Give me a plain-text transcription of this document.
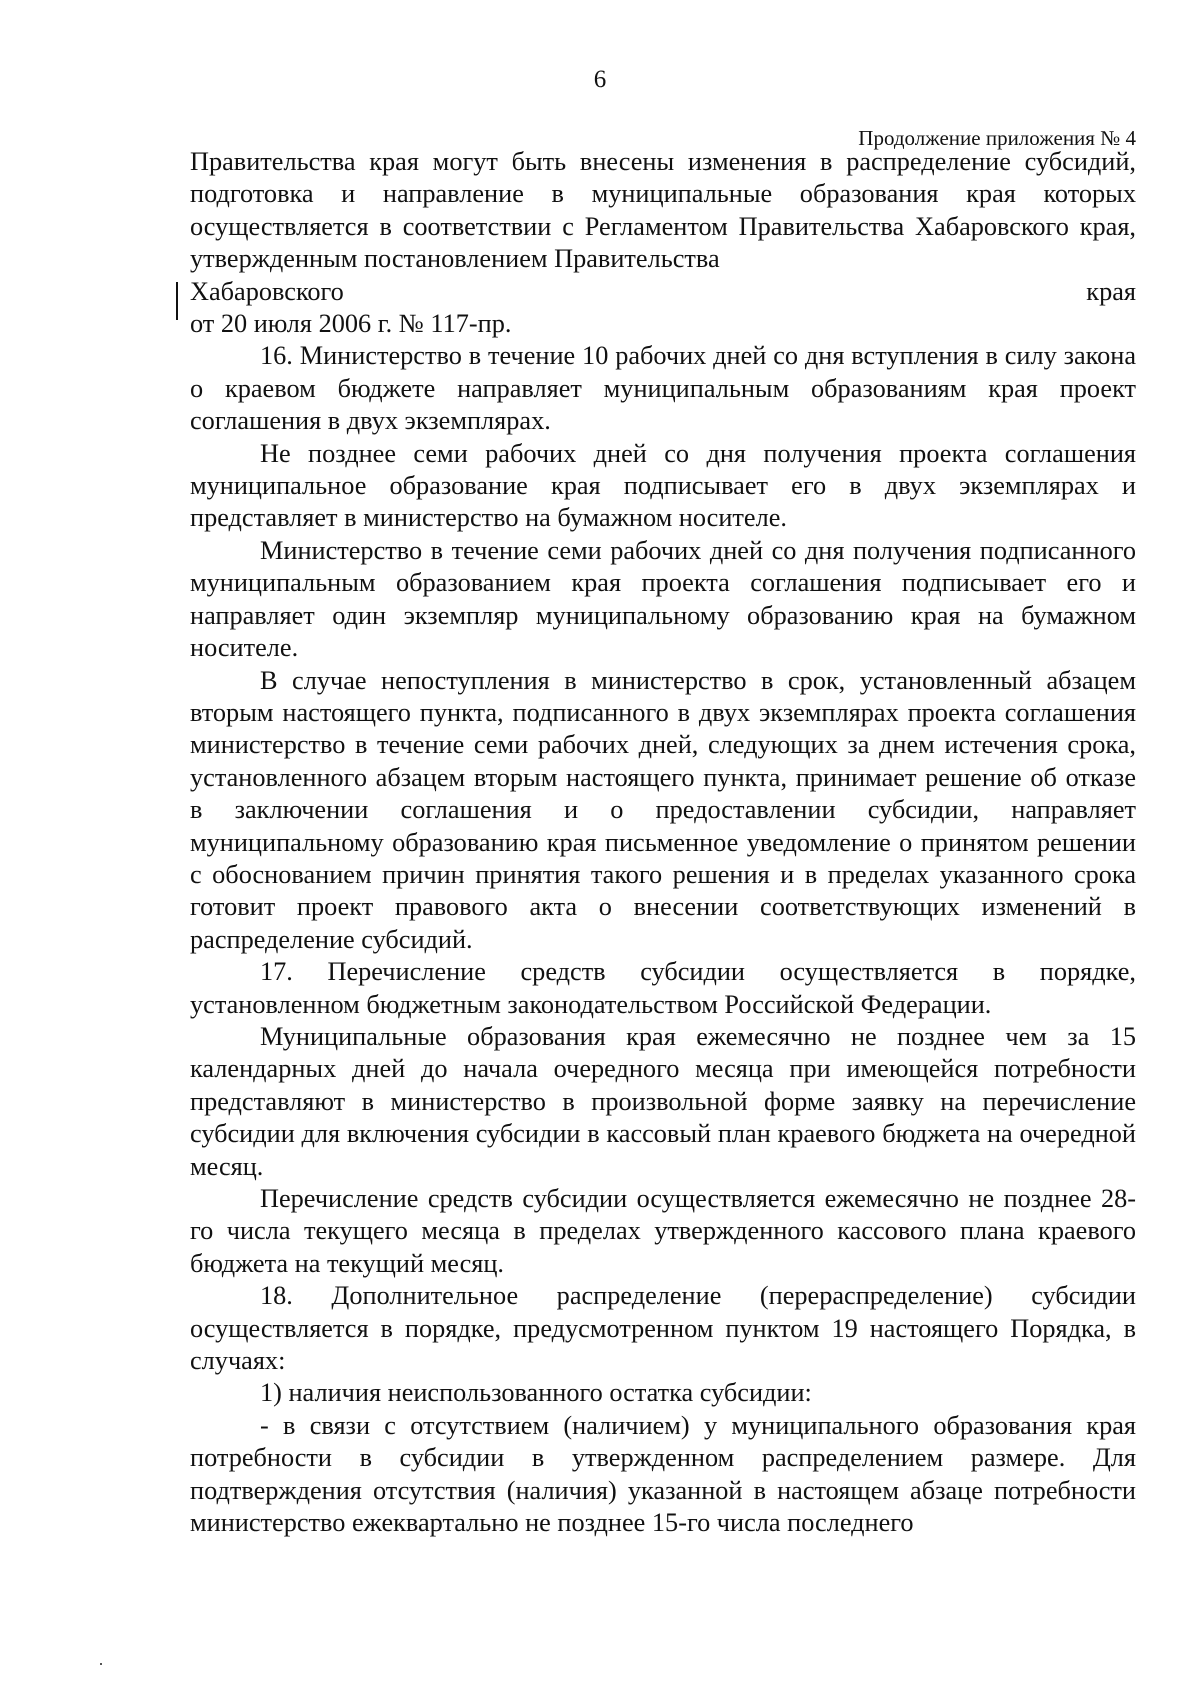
6
Продолжение приложения № 4

Правительства края могут быть внесены изменения в распределение субсидий, подготовка и направление в муниципальные образования края которых осуществляется в соответствии с Регламентом Правительства Хабаровского края, утвержденным постановлением Правительства

Хабаровского	края

от 20 июля 2006 г. № 117-пр.

16. Министерство в течение 10 рабочих дней со дня вступления в силу закона о краевом бюджете направляет муниципальным образованиям края проект соглашения в двух экземплярах.

Не позднее семи рабочих дней со дня получения проекта соглашения муниципальное образование края подписывает его в двух экземплярах и представляет в министерство на бумажном носителе.

Министерство в течение семи рабочих дней со дня получения подписанного муниципальным образованием края проекта соглашения подписывает его и направляет один экземпляр муниципальному образованию края на бумажном носителе.

В случае непоступления в министерство в срок, установленный абзацем вторым настоящего пункта, подписанного в двух экземплярах проекта соглашения министерство в течение семи рабочих дней, следующих за днем истечения срока, установленного абзацем вторым настоящего пункта, принимает решение об отказе в заключении соглашения и о предоставлении субсидии, направляет муниципальному образованию края письменное уведомление о принятом решении с обоснованием причин принятия такого решения и в пределах указанного срока готовит проект правового акта о внесении соответствующих изменений в распределение субсидий.

17. Перечисление средств субсидии осуществляется в порядке, установленном бюджетным законодательством Российской Федерации.

Муниципальные образования края ежемесячно не позднее чем за 15 календарных дней до начала очередного месяца при имеющейся потребности представляют в министерство в произвольной форме заявку на перечисление субсидии для включения субсидии в кассовый план краевого бюджета на очередной месяц.

Перечисление средств субсидии осуществляется ежемесячно не позднее 28-го числа текущего месяца в пределах утвержденного кассового плана краевого бюджета на текущий месяц.

18. Дополнительное распределение (перераспределение) субсидии осуществляется в порядке, предусмотренном пунктом 19 настоящего Порядка, в случаях:

1) наличия неиспользованного остатка субсидии:

- в связи с отсутствием (наличием) у муниципального образования края потребности в субсидии в утвержденном распределением размере. Для подтверждения отсутствия (наличия) указанной в настоящем абзаце потребности министерство ежеквартально не позднее 15-го числа последнего
